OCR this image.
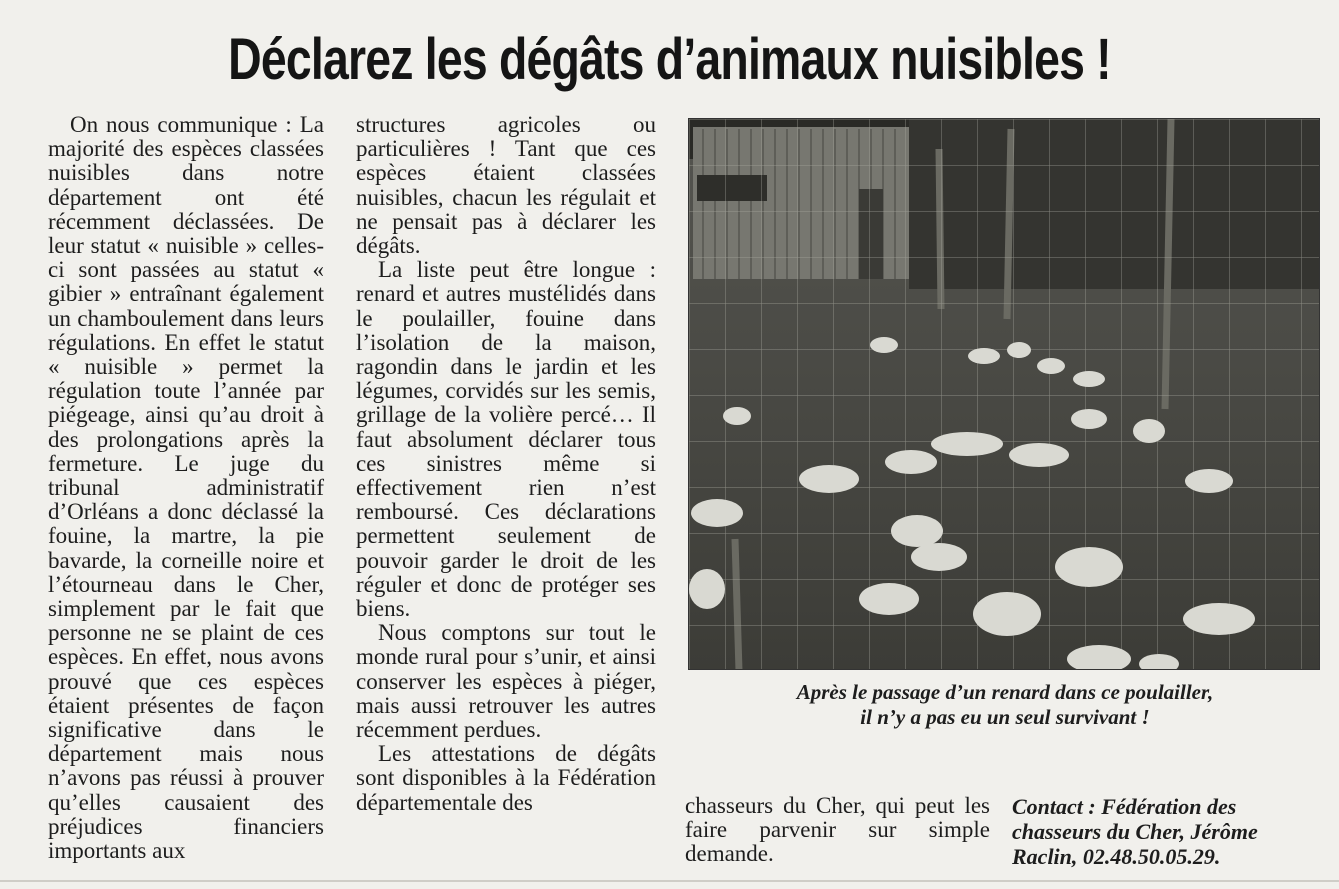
Déclarez les dégâts d’animaux nuisibles !

On nous communique : La majorité des espèces classées nuisibles dans notre département ont été récemment déclassées. De leur statut « nuisible » celles-ci sont passées au statut « gibier » entraînant également un chamboulement dans leurs régulations. En effet le statut « nuisible » permet la régulation toute l’année par piégeage, ainsi qu’au droit à des prolongations après la fermeture. Le juge du tribunal administratif d’Orléans a donc déclassé la fouine, la martre, la pie bavarde, la corneille noire et l’étourneau dans le Cher, simplement par le fait que personne ne se plaint de ces espèces. En effet, nous avons prouvé que ces espèces étaient présentes de façon significative dans le département mais nous n’avons pas réussi à prouver qu’elles causaient des préjudices financiers importants aux

structures agricoles ou particulières ! Tant que ces espèces étaient classées nuisibles, chacun les régulait et ne pensait pas à déclarer les dégâts.

La liste peut être longue : renard et autres mustélidés dans le poulailler, fouine dans l’isolation de la maison, ragondin dans le jardin et les légumes, corvidés sur les semis, grillage de la volière percé… Il faut absolument déclarer tous ces sinistres même si effectivement rien n’est remboursé. Ces déclarations permettent seulement de pouvoir garder le droit de les réguler et donc de protéger ses biens.

Nous comptons sur tout le monde rural pour s’unir, et ainsi conserver les espèces à piéger, mais aussi retrouver les autres récemment perdues.

Les attestations de dégâts sont disponibles à la Fédération départementale des	chasseurs du Cher, qui peut les faire parvenir sur simple demande.

Après le passage d’un renard dans ce poulailler,
il n’y a pas eu un seul survivant !
Contact : Fédération des
chasseurs du Cher, Jérôme
Raclin, 02.48.50.05.29.
